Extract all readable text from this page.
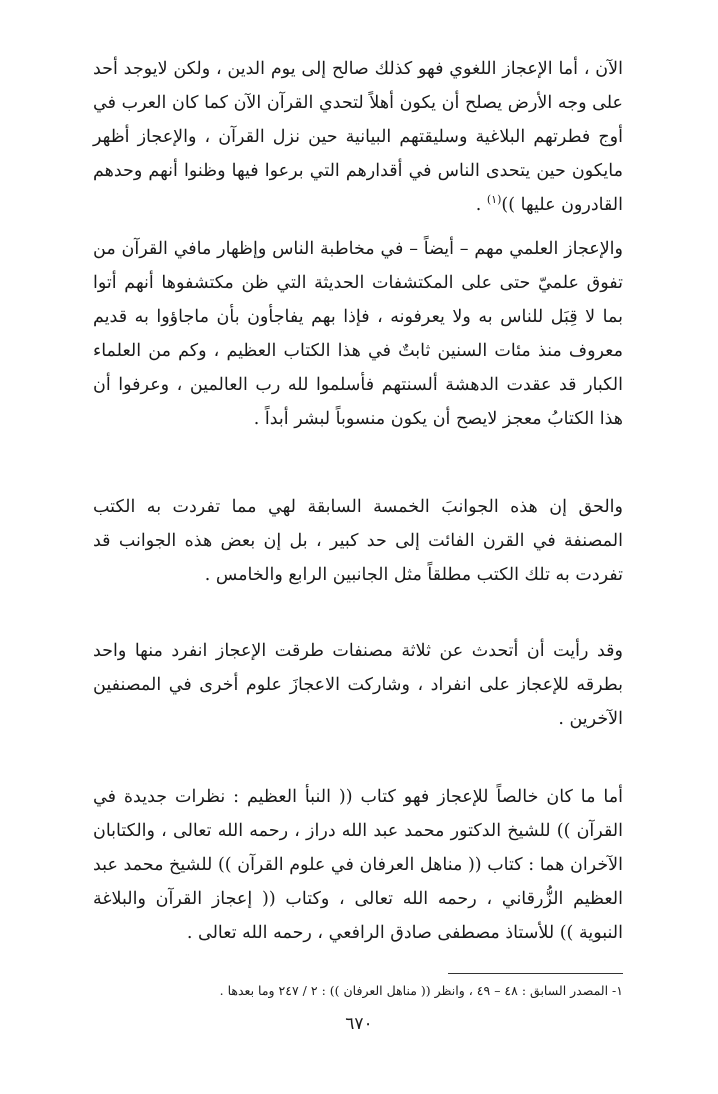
الآن ، أما الإعجاز اللغوي فهو كذلك صالح إلى يوم الدين ، ولكن لايوجد أحد على وجه الأرض يصلح أن يكون أهلاً لتحدي القرآن الآن كما كان العرب في أوج فطرتهم البلاغية وسليقتهم البيانية حين نزل القرآن ، والإعجاز أظهر مايكون حين يتحدى الناس في أقدارهم التي برعوا فيها وظنوا أنهم وحدهم القادرون عليها ))$^{(١)}$ .

والإعجاز العلمي مهم – أيضاً – في مخاطبة الناس وإظهار مافي القرآن من تفوق علميّ حتى على المكتشفات الحديثة التي ظن مكتشفوها أنهم أتوا بما لا قِبَل للناس به ولا يعرفونه ، فإذا بهم يفاجأون بأن ماجاؤوا به قديم معروف منذ مئات السنين ثابتٌ في هذا الكتاب العظيم ، وكم من العلماء الكبار قد عقدت الدهشة ألسنتهم فأسلموا لله رب العالمين ، وعرفوا أن هذا الكتابُ معجز لايصح أن يكون منسوباً لبشر أبداً .

والحق إن هذه الجوانبَ الخمسة السابقة لهي مما تفردت به الكتب المصنفة في القرن الفائت إلى حد كبير ، بل إن بعض هذه الجوانب قد تفردت به تلك الكتب مطلقاً مثل الجانبين الرابع والخامس .

وقد رأيت أن أتحدث عن ثلاثة مصنفات طرقت الإعجاز انفرد منها واحد بطرقه للإعجاز على انفراد ، وشاركت الاعجازَ علوم أخرى في المصنفين الآخرين .

أما ما كان خالصاً للإعجاز فهو كتاب (( النبأ العظيم : نظرات جديدة في القرآن )) للشيخ الدكتور محمد عبد الله دراز ، رحمه الله تعالى ، والكتابان الآخران هما : كتاب (( مناهل العرفان في علوم القرآن )) للشيخ محمد عبد العظيم الزُّرقاني ، رحمه الله تعالى ، وكتاب (( إعجاز القرآن والبلاغة النبوية )) للأستاذ مصطفى صادق الرافعي ، رحمه الله تعالى .

١- المصدر السابق : ٤٨ – ٤٩ ، وانظر (( مناهل العرفان )) : ٢ / ٢٤٧ وما بعدها .

٦٧٠
